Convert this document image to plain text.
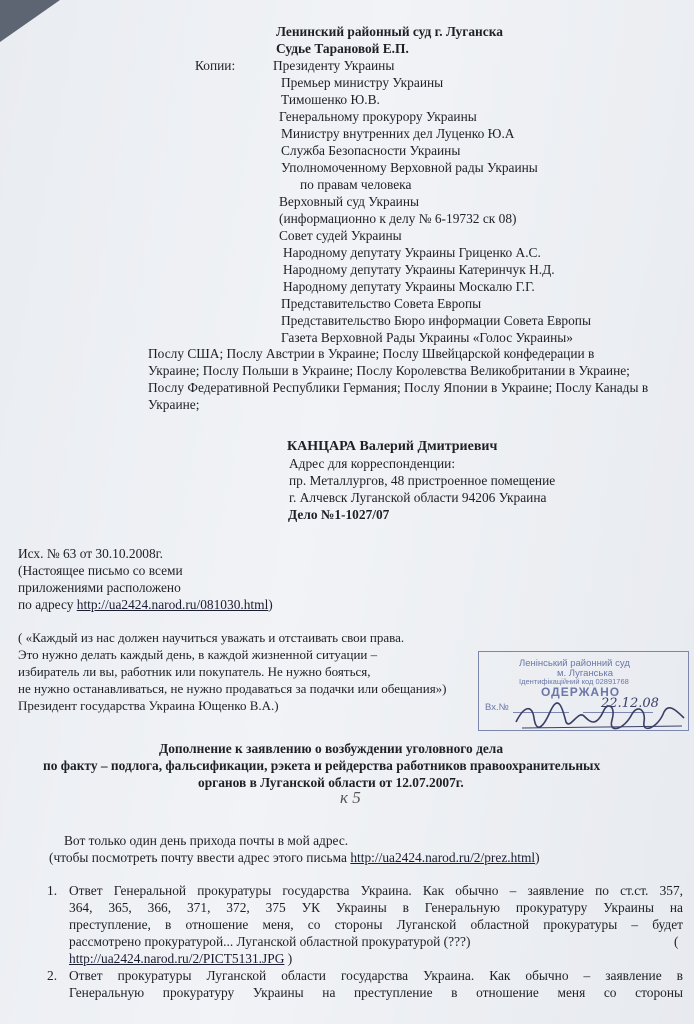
Ленинский районный суд г. Луганска
Судье Тарановой Е.П.
Копии:	Президенту Украины
Премьер министру Украины
Тимошенко Ю.В.
Генеральному прокурору Украины
Министру внутренних дел Луценко Ю.А
Служба Безопасности Украины
Уполномоченному Верховной рады Украины
по правам человека
Верховный суд Украины
(информационно к делу № 6-19732 ск 08)
Совет судей Украины
Народному депутату Украины Гриценко А.С.
Народному депутату Украины Катеринчук Н.Д.
Народному депутату Украины Москалю Г.Г.
Представительство Совета Европы
Представительство Бюро информации Совета Европы
Газета Верховной Рады Украины «Голос Украины»
Послу США; Послу Австрии в Украине; Послу Швейцарской конфедерации в
Украине; Послу Польши в Украине; Послу Королевства Великобритании в Украине;
Послу Федеративной Республики Германия; Послу Японии в Украине; Послу Канады в
Украине;
КАНЦАРА Валерий Дмитриевич
Адрес для корреспонденции:
пр. Металлургов, 48 пристроенное помещение
г. Алчевск Луганской области 94206 Украина
Дело №1-1027/07
Исх. № 63 от 30.10.2008г.
(Настоящее письмо со всеми
приложениями расположено
по адресу http://ua2424.narod.ru/081030.html)
( «Каждый из нас должен научиться уважать и отстаивать свои права.
Это нужно делать каждый день, в каждой жизненной ситуации –
избиратель ли вы, работник или покупатель. Не нужно бояться,
не нужно останавливаться, не нужно продаваться за подачки или обещания»)
Президент государства Украина Ющенко В.А.)
Ленінський районний суд
м. Луганська
Ідентифікаційний код 02891768
ОДЕРЖАНО
Вх.№	22.12.08
Дополнение к заявлению о возбуждении уголовного дела
по факту – подлога, фальсификации, рэкета и рейдерства работников правоохранительных
органов в Луганской области от 12.07.2007г.
к 5
Вот только один день прихода почты в мой адрес.
(чтобы посмотреть почту ввести адрес этого письма http://ua2424.narod.ru/2/prez.html)
1. Ответ Генеральной прокуратуры государства Украина. Как обычно – заявление по ст.ст. 357,
364, 365, 366, 371, 372, 375 УК Украины в Генеральную прокуратуру Украины на
преступление, в отношение меня, со стороны Луганской областной прокуратуры – будет
рассмотрено прокуратурой... Луганской областной прокуратурой (???)	(
http://ua2424.narod.ru/2/PICT5131.JPG )
2. Ответ прокуратуры Луганской области государства Украина. Как обычно – заявление в
Генеральную прокуратуру Украины на преступление в отношение меня со стороны
